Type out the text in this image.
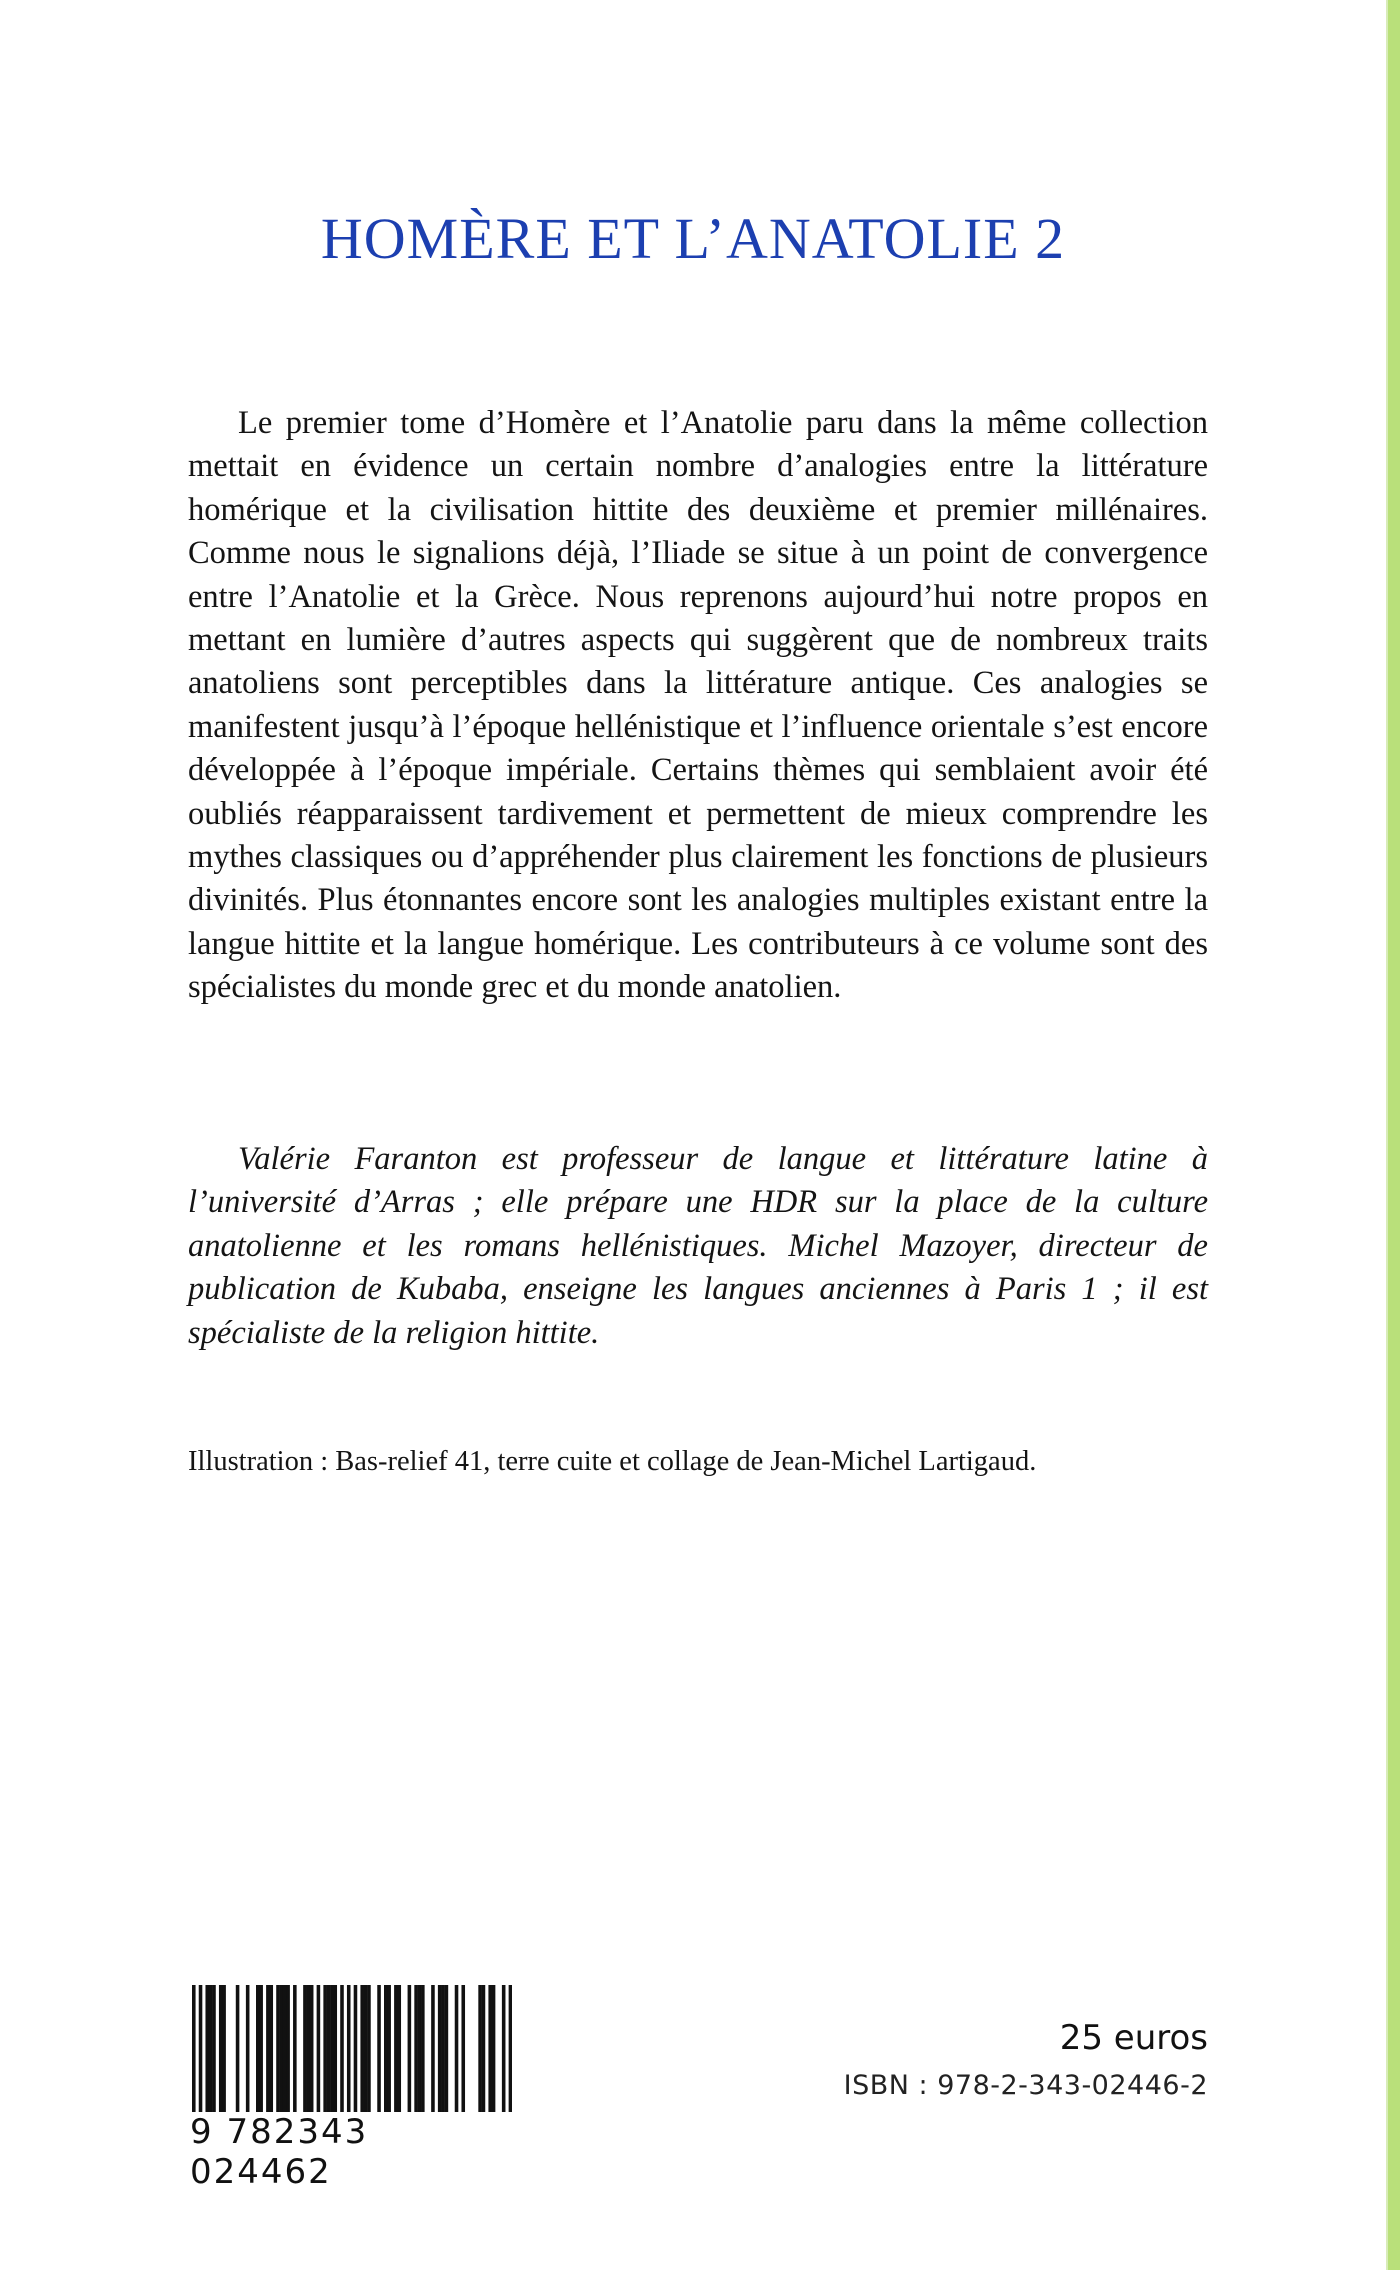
HOMÈRE ET L’ANATOLIE 2

Le premier tome d’Homère et l’Anatolie paru dans la même collection mettait en évidence un certain nombre d’analogies entre la littérature homérique et la civilisation hittite des deuxième et premier millénaires. Comme nous le signalions déjà, l’Iliade se situe à un point de convergence entre l’Anatolie et la Grèce. Nous reprenons aujourd’hui notre propos en mettant en lumière d’autres aspects qui suggèrent que de nombreux traits anatoliens sont perceptibles dans la littérature antique. Ces analogies se manifestent jusqu’à l’époque hellénistique et l’influence orientale s’est encore développée à l’époque impériale. Certains thèmes qui semblaient avoir été oubliés réapparaissent tardivement et permettent de mieux comprendre les mythes classiques ou d’appréhender plus clairement les fonctions de plusieurs divinités. Plus étonnantes encore sont les analogies multiples existant entre la langue hittite et la langue homérique. Les contributeurs à ce volume sont des spécialistes du monde grec et du monde anatolien.

Valérie Faranton est professeur de langue et littérature latine à l’université d’Arras ; elle prépare une HDR sur la place de la culture anatolienne et les romans hellénistiques. Michel Mazoyer, directeur de publication de Kubaba, enseigne les langues anciennes à Paris 1 ; il est spécialiste de la religion hittite.

Illustration : Bas-relief 41, terre cuite et collage de Jean-Michel Lartigaud.

9 782343 024462
25 euros
ISBN : 978-2-343-02446-2
